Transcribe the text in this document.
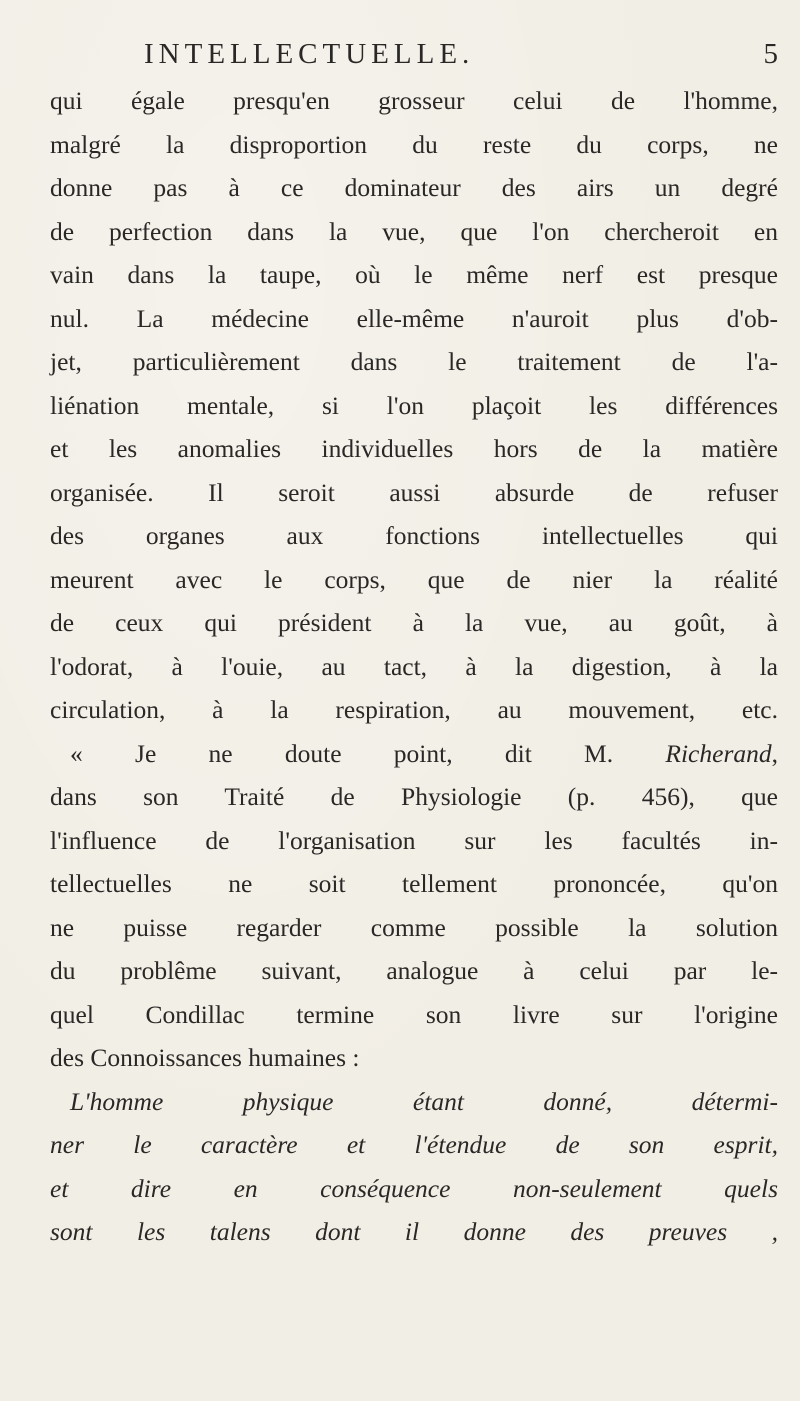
INTELLECTUELLE.	5
qui égale presqu'en grosseur celui de l'homme,
malgré la disproportion du reste du corps, ne
donne pas à ce dominateur des airs un degré
de perfection dans la vue, que l'on chercheroit en
vain dans la taupe, où le même nerf est presque
nul. La médecine elle-même n'auroit plus d'ob-
jet, particulièrement dans le traitement de l'a-
liénation mentale, si l'on plaçoit les différences
et les anomalies individuelles hors de la matière
organisée. Il seroit aussi absurde de refuser
des organes aux fonctions intellectuelles qui
meurent avec le corps, que de nier la réalité
de ceux qui président à la vue, au goût, à
l'odorat, à l'ouie, au tact, à la digestion, à la
circulation, à la respiration, au mouvement, etc.
« Je ne doute point, dit M. Richerand,
dans son Traité de Physiologie (p. 456), que
l'influence de l'organisation sur les facultés in-
tellectuelles ne soit tellement prononcée, qu'on
ne puisse regarder comme possible la solution
du problême suivant, analogue à celui par le-
quel Condillac termine son livre sur l'origine
des Connoissances humaines :
L'homme physique étant donné, détermi-
ner le caractère et l'étendue de son esprit,
et dire en conséquence non-seulement quels
sont les talens dont il donne des preuves ,
